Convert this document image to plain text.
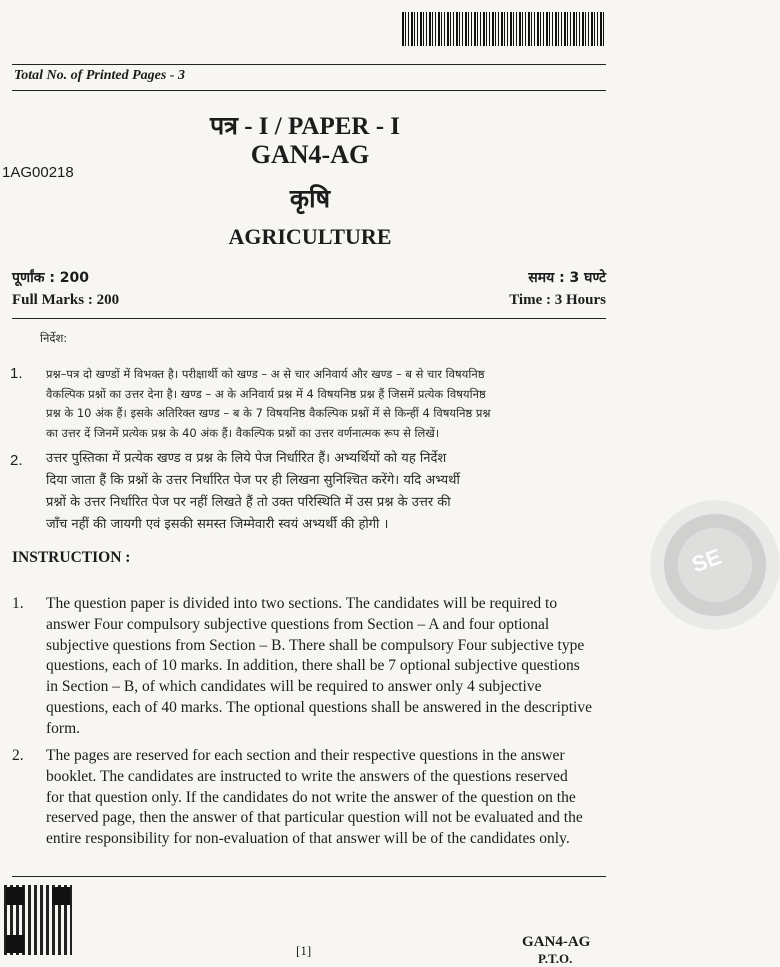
Total No. of Printed Pages - 3
पत्र - I / PAPER - I
GAN4-AG
1AG00218
कृषि
AGRICULTURE
पूर्णांक : 200
Full Marks : 200
समय : 3 घण्टे
Time : 3 Hours
निर्देश:
1. प्रश्न–पत्र दो खण्डों में विभक्त है। परीक्षार्थी को खण्ड – अ से चार अनिवार्य और खण्ड – ब से चार विषयनिष्ठ
वैकल्पिक प्रश्नों का उत्तर देना है। खण्ड – अ के अनिवार्य प्रश्न में 4 विषयनिष्ठ प्रश्न हैं जिसमें प्रत्येक विषयनिष्ठ
प्रश्न के 10 अंक हैं। इसके अतिरिक्त खण्ड – ब के 7 विषयनिष्ठ वैकल्पिक प्रश्नों में से किन्हीं 4 विषयनिष्ठ प्रश्न
का उत्तर दें जिनमें प्रत्येक प्रश्न के 40 अंक हैं। वैकल्पिक प्रश्नों का उत्तर वर्णनात्मक रूप से लिखें।
2. उत्तर पुस्तिका में प्रत्येक खण्ड व प्रश्न के लिये पेज निर्धारित हैं। अभ्यर्थियों को यह निर्देश
दिया जाता हैं कि प्रश्नों के उत्तर निर्धारित पेज पर ही लिखना सुनिश्चित करेंगे। यदि अभ्यर्थी
प्रश्नों के उत्तर निर्धारित पेज पर नहीं लिखते हैं तो उक्त परिस्थिति में उस प्रश्न के उत्तर की
जाँच नहीं की जायगी एवं इसकी समस्त जिम्मेवारी स्वयं अभ्यर्थी की होगी ।
INSTRUCTION :
1. The question paper is divided into two sections. The candidates will be required to
answer Four compulsory subjective questions from Section – A and four optional
subjective questions from Section – B. There shall be compulsory Four subjective type
questions, each of 10 marks. In addition, there shall be 7 optional subjective questions
in Section – B, of which candidates will be required to answer only 4 subjective
questions, each of 40 marks. The optional questions shall be answered in the descriptive
form.
2. The pages are reserved for each section and their respective questions in the answer
booklet. The candidates are instructed to write the answers of the questions reserved
for that question only. If the candidates do not write the answer of the question on the
reserved page, then the answer of that particular question will not be evaluated and the
entire responsibility for non-evaluation of that answer will be of the candidates only.
[1]
GAN4-AG
P.T.O.
SE
